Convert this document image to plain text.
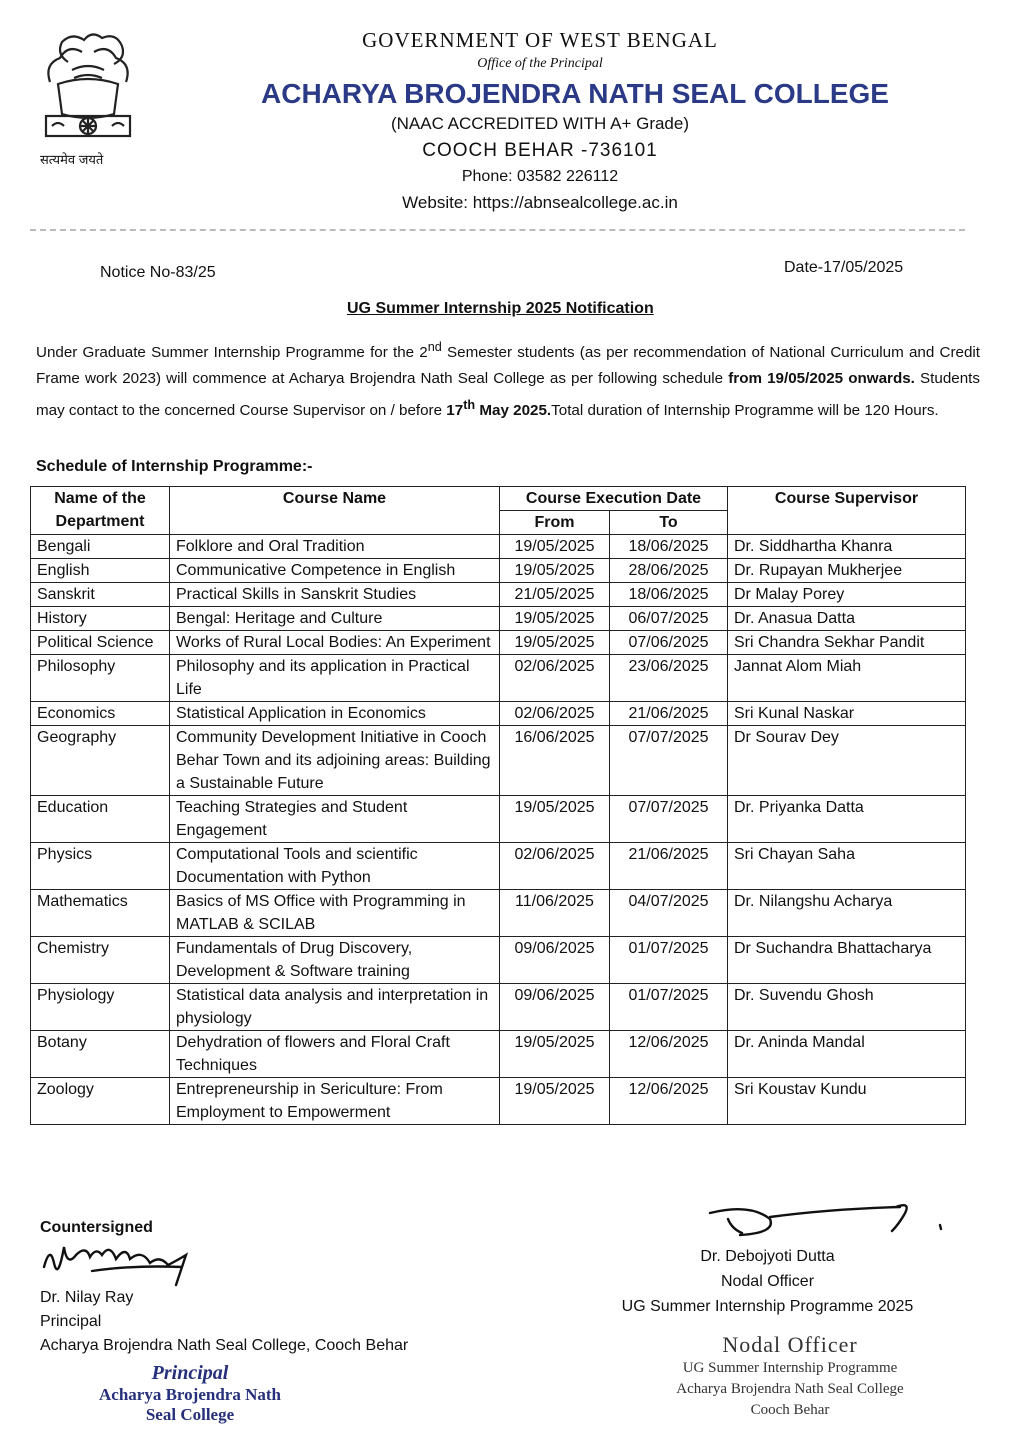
सत्यमेव जयते
GOVERNMENT OF WEST BENGAL
Office of the Principal
ACHARYA BROJENDRA NATH SEAL COLLEGE
(NAAC ACCREDITED WITH A+ Grade)
COOCH BEHAR -736101
Phone: 03582 226112
Website: https://abnsealcollege.ac.in
Notice No-83/25	Date-17/05/2025
UG Summer Internship 2025 Notification
Under Graduate Summer Internship Programme for the 2nd Semester students (as per recommendation of National Curriculum and Credit Frame work 2023) will commence at Acharya Brojendra Nath Seal College as per following schedule from 19/05/2025 onwards. Students may contact to the concerned Course Supervisor on / before 17th May 2025.Total duration of Internship Programme will be 120 Hours.
Schedule of Internship Programme:-
Name of the Department	Course Name	Course Execution Date		Course Supervisor
		From	To	
Bengali	Folklore and Oral Tradition	19/05/2025	18/06/2025	Dr. Siddhartha Khanra
English	Communicative Competence in English	19/05/2025	28/06/2025	Dr. Rupayan Mukherjee
Sanskrit	Practical Skills in Sanskrit Studies	21/05/2025	18/06/2025	Dr Malay Porey
History	Bengal: Heritage and Culture	19/05/2025	06/07/2025	Dr. Anasua Datta
Political Science	Works of Rural Local Bodies: An Experiment	19/05/2025	07/06/2025	Sri Chandra Sekhar Pandit
Philosophy	Philosophy and its application in Practical Life	02/06/2025	23/06/2025	Jannat Alom Miah
Economics	Statistical Application in Economics	02/06/2025	21/06/2025	Sri Kunal Naskar
Geography	Community Development Initiative in Cooch Behar Town and its adjoining areas: Building a Sustainable Future	16/06/2025	07/07/2025	Dr Sourav Dey
Education	Teaching Strategies and Student Engagement	19/05/2025	07/07/2025	Dr. Priyanka Datta
Physics	Computational Tools and scientific Documentation with Python	02/06/2025	21/06/2025	Sri Chayan Saha
Mathematics	Basics of MS Office with Programming in MATLAB & SCILAB	11/06/2025	04/07/2025	Dr. Nilangshu Acharya
Chemistry	Fundamentals of Drug Discovery, Development & Software training	09/06/2025	01/07/2025	Dr Suchandra Bhattacharya
Physiology	Statistical data analysis and interpretation in physiology	09/06/2025	01/07/2025	Dr. Suvendu Ghosh
Botany	Dehydration of flowers and Floral Craft Techniques	19/05/2025	12/06/2025	Dr. Aninda Mandal
Zoology	Entrepreneurship in Sericulture: From Employment to Empowerment	19/05/2025	12/06/2025	Sri Koustav Kundu
Countersigned
Dr. Nilay Ray
Principal
Acharya Brojendra Nath Seal College, Cooch Behar
Principal
Acharya Brojendra Nath
Seal College
Dr. Debojyoti Dutta
Nodal Officer
UG Summer Internship Programme 2025
Nodal Officer
UG Summer Internship Programme
Acharya Brojendra Nath Seal College
Cooch Behar
